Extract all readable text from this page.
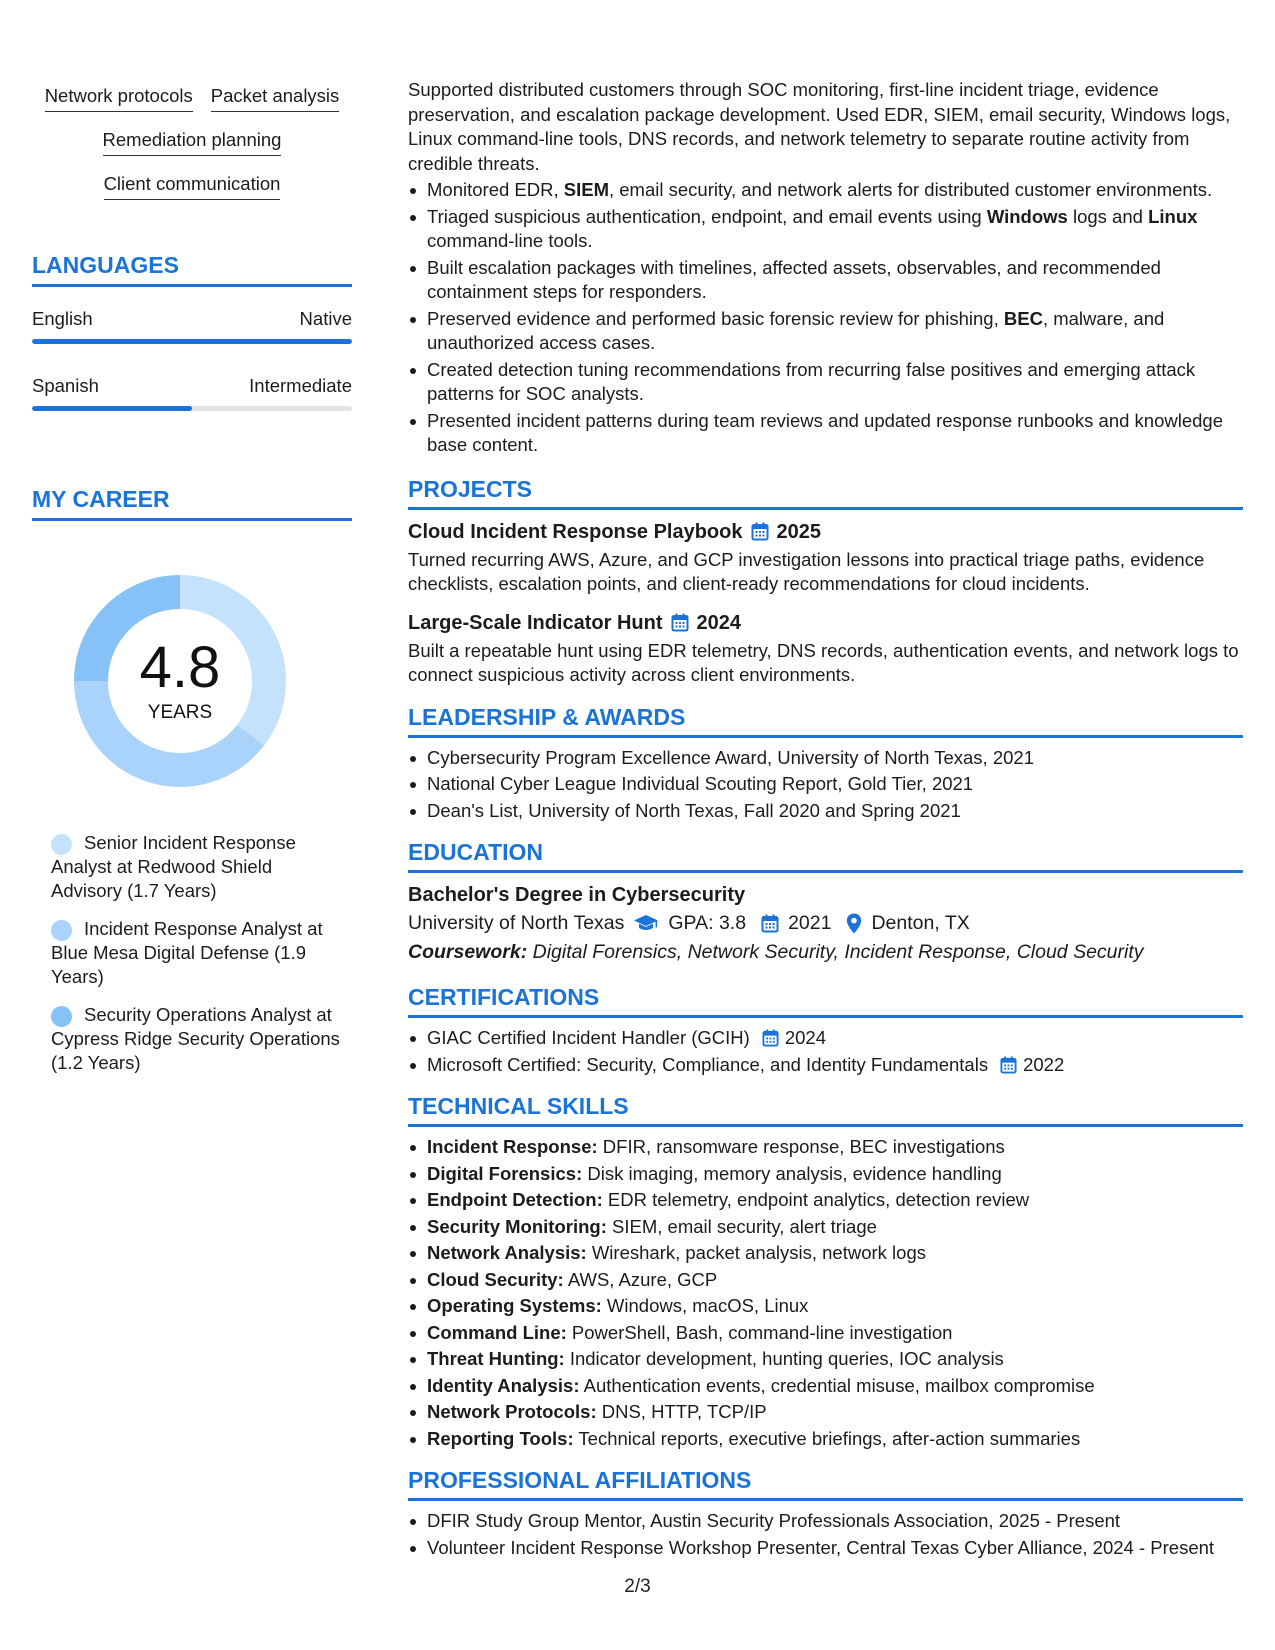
Network protocols Packet analysis
Remediation planning
Client communication
LANGUAGES
English	Native
Spanish	Intermediate
MY CAREER
4.8
YEARS
Senior Incident Response Analyst at Redwood Shield Advisory (1.7 Years)
Incident Response Analyst at Blue Mesa Digital Defense (1.9 Years)
Security Operations Analyst at Cypress Ridge Security Operations (1.2 Years)
Supported distributed customers through SOC monitoring, first-line incident triage, evidence preservation, and escalation package development. Used EDR, SIEM, email security, Windows logs, Linux command-line tools, DNS records, and network telemetry to separate routine activity from credible threats.
Monitored EDR, SIEM, email security, and network alerts for distributed customer environments.
Triaged suspicious authentication, endpoint, and email events using Windows logs and Linux command-line tools.
Built escalation packages with timelines, affected assets, observables, and recommended containment steps for responders.
Preserved evidence and performed basic forensic review for phishing, BEC, malware, and unauthorized access cases.
Created detection tuning recommendations from recurring false positives and emerging attack patterns for SOC analysts.
Presented incident patterns during team reviews and updated response runbooks and knowledge base content.
PROJECTS
Cloud Incident Response Playbook 2025
Turned recurring AWS, Azure, and GCP investigation lessons into practical triage paths, evidence checklists, escalation points, and client-ready recommendations for cloud incidents.
Large-Scale Indicator Hunt 2024
Built a repeatable hunt using EDR telemetry, DNS records, authentication events, and network logs to connect suspicious activity across client environments.
LEADERSHIP & AWARDS
Cybersecurity Program Excellence Award, University of North Texas, 2021
National Cyber League Individual Scouting Report, Gold Tier, 2021
Dean's List, University of North Texas, Fall 2020 and Spring 2021
EDUCATION
Bachelor's Degree in Cybersecurity
University of North Texas GPA: 3.8 2021 Denton, TX
Coursework: Digital Forensics, Network Security, Incident Response, Cloud Security
CERTIFICATIONS
GIAC Certified Incident Handler (GCIH) 2024
Microsoft Certified: Security, Compliance, and Identity Fundamentals 2022
TECHNICAL SKILLS
Incident Response: DFIR, ransomware response, BEC investigations
Digital Forensics: Disk imaging, memory analysis, evidence handling
Endpoint Detection: EDR telemetry, endpoint analytics, detection review
Security Monitoring: SIEM, email security, alert triage
Network Analysis: Wireshark, packet analysis, network logs
Cloud Security: AWS, Azure, GCP
Operating Systems: Windows, macOS, Linux
Command Line: PowerShell, Bash, command-line investigation
Threat Hunting: Indicator development, hunting queries, IOC analysis
Identity Analysis: Authentication events, credential misuse, mailbox compromise
Network Protocols: DNS, HTTP, TCP/IP
Reporting Tools: Technical reports, executive briefings, after-action summaries
PROFESSIONAL AFFILIATIONS
DFIR Study Group Mentor, Austin Security Professionals Association, 2025 - Present
Volunteer Incident Response Workshop Presenter, Central Texas Cyber Alliance, 2024 - Present
2/3
